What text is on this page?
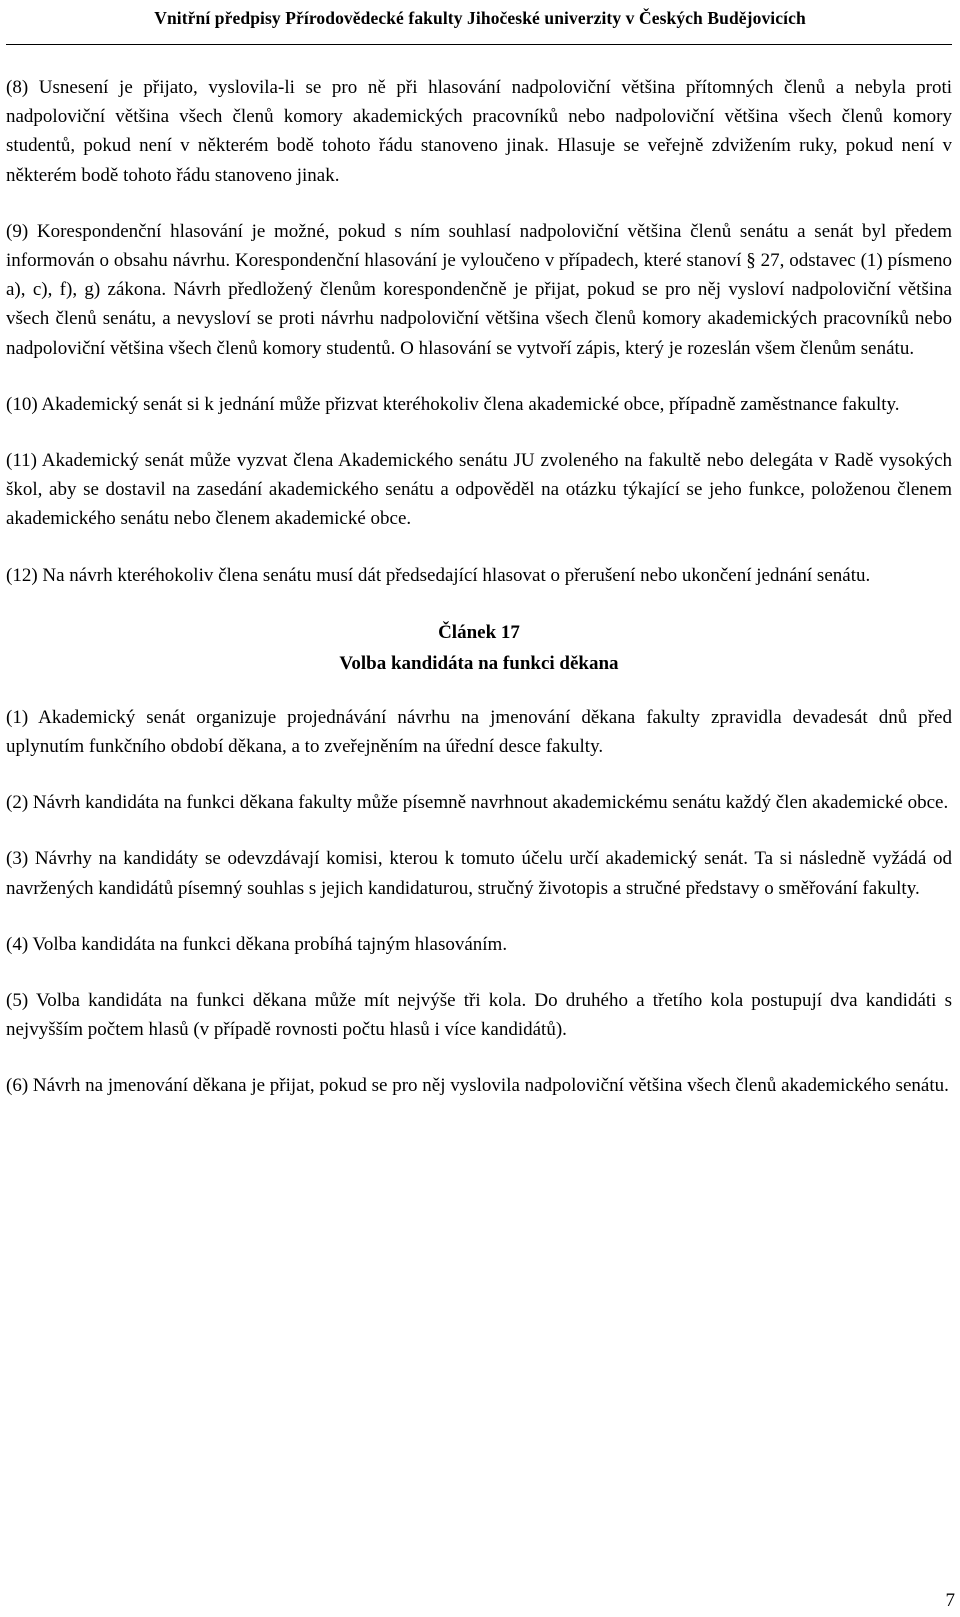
Vnitřní předpisy Přírodovědecké fakulty Jihočeské univerzity v Českých Budějovicích

(8) Usnesení je přijato, vyslovila-li se pro ně při hlasování nadpoloviční většina přítomných členů a nebyla proti nadpoloviční většina všech členů komory akademických pracovníků nebo nadpoloviční většina všech členů komory studentů, pokud není v některém bodě tohoto řádu stanoveno jinak. Hlasuje se veřejně zdvižením ruky, pokud není v některém bodě tohoto řádu stanoveno jinak.

(9) Korespondenční hlasování je možné, pokud s ním souhlasí nadpoloviční většina členů senátu a senát byl předem informován o obsahu návrhu. Korespondenční hlasování je vyloučeno v případech, které stanoví § 27, odstavec (1) písmeno a), c), f), g) zákona. Návrh předložený členům korespondenčně je přijat, pokud se pro něj vysloví nadpoloviční většina všech členů senátu, a nevysloví se proti návrhu nadpoloviční většina všech členů komory akademických pracovníků nebo nadpoloviční většina všech členů komory studentů. O hlasování se vytvoří zápis, který je rozeslán všem členům senátu.

(10) Akademický senát si k jednání může přizvat kteréhokoliv člena akademické obce, případně zaměstnance fakulty.

(11) Akademický senát může vyzvat člena Akademického senátu JU zvoleného na fakultě nebo delegáta v Radě vysokých škol, aby se dostavil na zasedání akademického senátu a odpověděl na otázku týkající se jeho funkce, položenou členem akademického senátu nebo členem akademické obce.

(12) Na návrh kteréhokoliv člena senátu musí dát předsedající hlasovat o přerušení nebo ukončení jednání senátu.

Článek 17
Volba kandidáta na funkci děkana

(1) Akademický senát organizuje projednávání návrhu na jmenování děkana fakulty zpravidla devadesát dnů před uplynutím funkčního období děkana, a to zveřejněním na úřední desce fakulty.

(2) Návrh kandidáta na funkci děkana fakulty může písemně navrhnout akademickému senátu každý člen akademické obce.

(3) Návrhy na kandidáty se odevzdávají komisi, kterou k tomuto účelu určí akademický senát. Ta si následně vyžádá od navržených kandidátů písemný souhlas s jejich kandidaturou, stručný životopis a stručné představy o směřování fakulty.

(4) Volba kandidáta na funkci děkana probíhá tajným hlasováním.

(5) Volba kandidáta na funkci děkana může mít nejvýše tři kola. Do druhého a třetího kola postupují dva kandidáti s nejvyšším počtem hlasů (v případě rovnosti počtu hlasů i více kandidátů).

(6) Návrh na jmenování děkana je přijat, pokud se pro něj vyslovila nadpoloviční většina všech členů akademického senátu.

7
